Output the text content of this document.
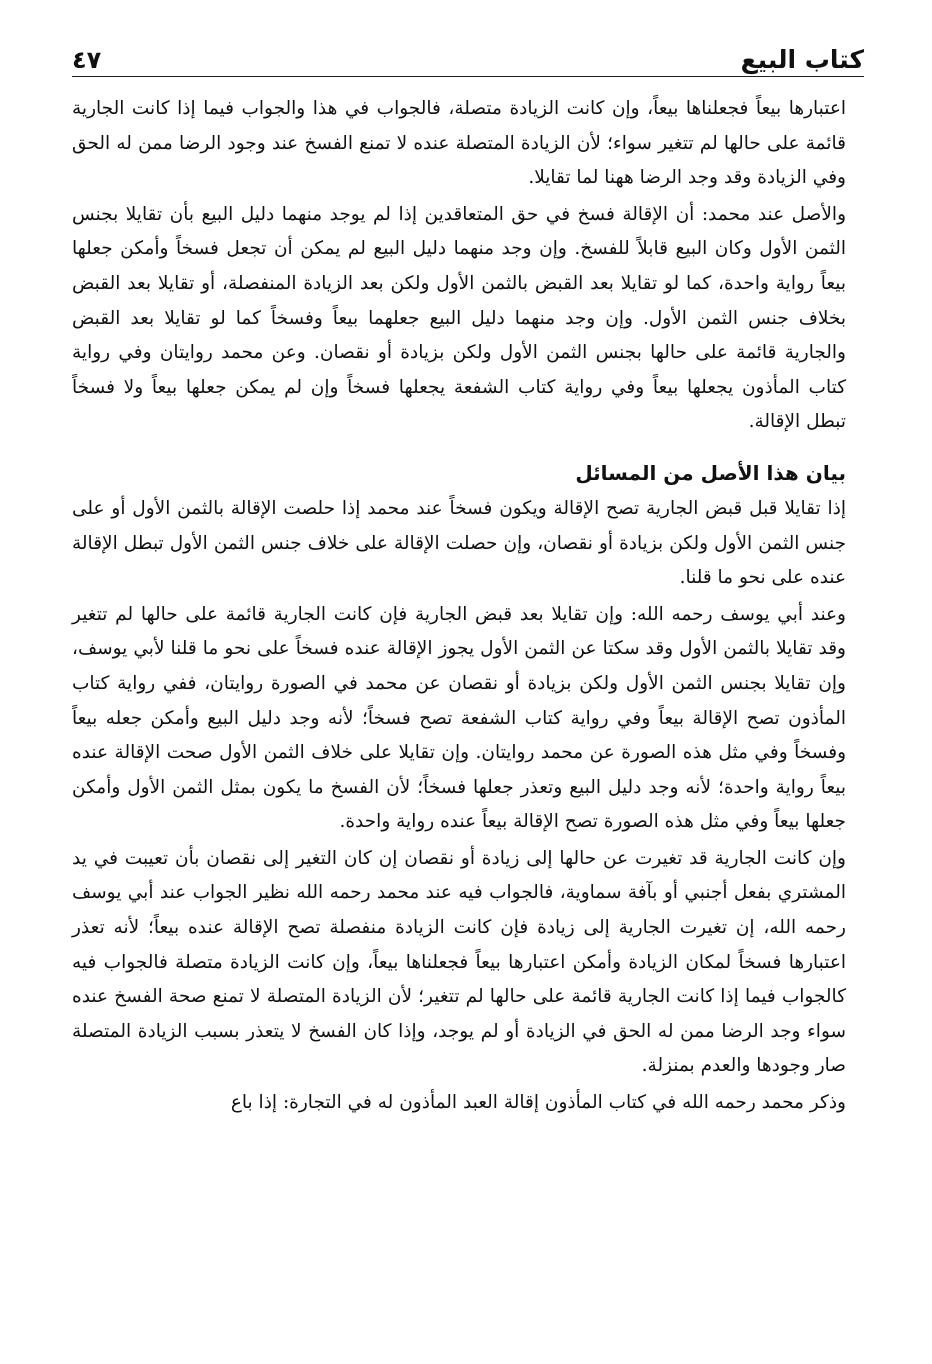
كتاب البيع
٤٧

اعتبارها بيعاً فجعلناها بيعاً، وإن كانت الزيادة متصلة، فالجواب في هذا والجواب فيما إذا كانت الجارية قائمة على حالها لم تتغير سواء؛ لأن الزيادة المتصلة عنده لا تمنع الفسخ عند وجود الرضا ممن له الحق وفي الزيادة وقد وجد الرضا ههنا لما تقايلا.

والأصل عند محمد: أن الإقالة فسخ في حق المتعاقدين إذا لم يوجد منهما دليل البيع بأن تقايلا بجنس الثمن الأول وكان البيع قابلاً للفسخ. وإن وجد منهما دليل البيع لم يمكن أن تجعل فسخاً وأمكن جعلها بيعاً رواية واحدة، كما لو تقايلا بعد القبض بالثمن الأول ولكن بعد الزيادة المنفصلة، أو تقايلا بعد القبض بخلاف جنس الثمن الأول. وإن وجد منهما دليل البيع جعلهما بيعاً وفسخاً كما لو تقايلا بعد القبض والجارية قائمة على حالها بجنس الثمن الأول ولكن بزيادة أو نقصان. وعن محمد روايتان وفي رواية كتاب المأذون يجعلها بيعاً وفي رواية كتاب الشفعة يجعلها فسخاً وإن لم يمكن جعلها بيعاً ولا فسخاً تبطل الإقالة.

بيان هذا الأصل من المسائل

إذا تقايلا قبل قبض الجارية تصح الإقالة ويكون فسخاً عند محمد إذا حلصت الإقالة بالثمن الأول أو على جنس الثمن الأول ولكن بزيادة أو نقصان، وإن حصلت الإقالة على خلاف جنس الثمن الأول تبطل الإقالة عنده على نحو ما قلنا.

وعند أبي يوسف رحمه الله: وإن تقايلا بعد قبض الجارية فإن كانت الجارية قائمة على حالها لم تتغير وقد تقايلا بالثمن الأول وقد سكتا عن الثمن الأول يجوز الإقالة عنده فسخاً على نحو ما قلنا لأبي يوسف، وإن تقايلا بجنس الثمن الأول ولكن بزيادة أو نقصان عن محمد في الصورة روايتان، ففي رواية كتاب المأذون تصح الإقالة بيعاً وفي رواية كتاب الشفعة تصح فسخاً؛ لأنه وجد دليل البيع وأمكن جعله بيعاً وفسخاً وفي مثل هذه الصورة عن محمد روايتان. وإن تقايلا على خلاف الثمن الأول صحت الإقالة عنده بيعاً رواية واحدة؛ لأنه وجد دليل البيع وتعذر جعلها فسخاً؛ لأن الفسخ ما يكون بمثل الثمن الأول وأمكن جعلها بيعاً وفي مثل هذه الصورة تصح الإقالة بيعاً عنده رواية واحدة.

وإن كانت الجارية قد تغيرت عن حالها إلى زيادة أو نقصان إن كان التغير إلى نقصان بأن تعيبت في يد المشتري بفعل أجنبي أو بآفة سماوية، فالجواب فيه عند محمد رحمه الله نظير الجواب عند أبي يوسف رحمه الله، إن تغيرت الجارية إلى زيادة فإن كانت الزيادة منفصلة تصح الإقالة عنده بيعاً؛ لأنه تعذر اعتبارها فسخاً لمكان الزيادة وأمكن اعتبارها بيعاً فجعلناها بيعاً، وإن كانت الزيادة متصلة فالجواب فيه كالجواب فيما إذا كانت الجارية قائمة على حالها لم تتغير؛ لأن الزيادة المتصلة لا تمنع صحة الفسخ عنده سواء وجد الرضا ممن له الحق في الزيادة أو لم يوجد، وإذا كان الفسخ لا يتعذر بسبب الزيادة المتصلة صار وجودها والعدم بمنزلة.

وذكر محمد رحمه الله في كتاب المأذون إقالة العبد المأذون له في التجارة: إذا باع
